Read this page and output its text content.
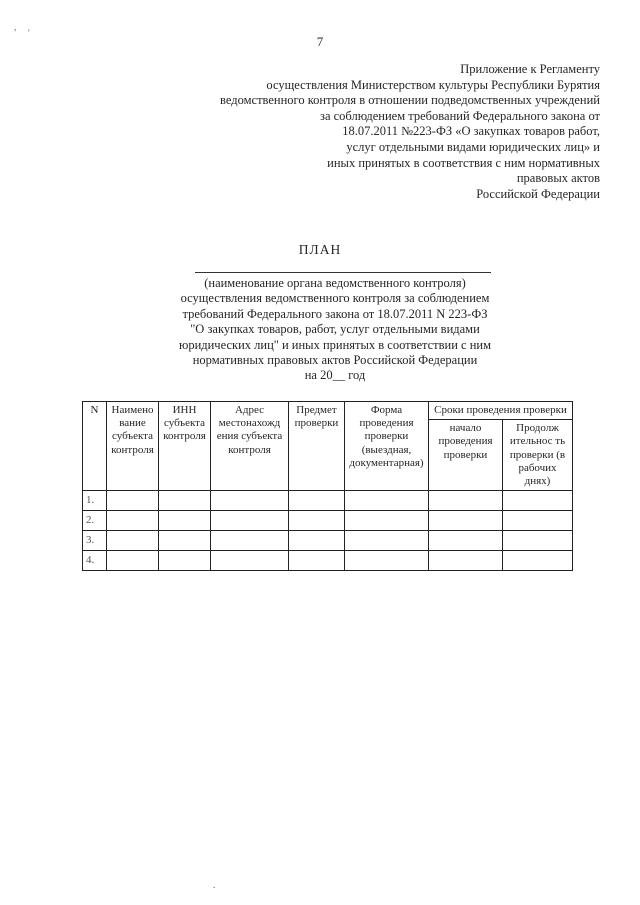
7
Приложение к Регламенту
осуществления Министерством культуры Республики Бурятия
ведомственного контроля в отношении подведомственных учреждений
за соблюдением требований Федерального закона от
18.07.2011 №223-ФЗ «О закупках товаров работ,
услуг отдельными видами юридических лиц» и
иных принятых в соответствия с ним нормативных
правовых актов
Российской Федерации
ПЛАН
(наименование органа ведомственного контроля)
осуществления ведомственного контроля за соблюдением
требований Федерального закона от 18.07.2011 N 223-ФЗ
"О закупках товаров, работ, услуг отдельными видами
юридических лиц" и иных принятых в соответствии с ним
нормативных правовых актов Российской Федерации
на 20__ год
N	Наимено вание субъекта контроля	ИНН субъекта контроля	Адрес местонахожд ения субъекта контроля	Предмет проверки	Форма проведения проверки (выездная, документарная)	Сроки проведения проверки	
						начало проведения проверки	Продолж ительнос ть проверки (в рабочих днях)
1.							
2.							
3.							
4.							
,
'
.
